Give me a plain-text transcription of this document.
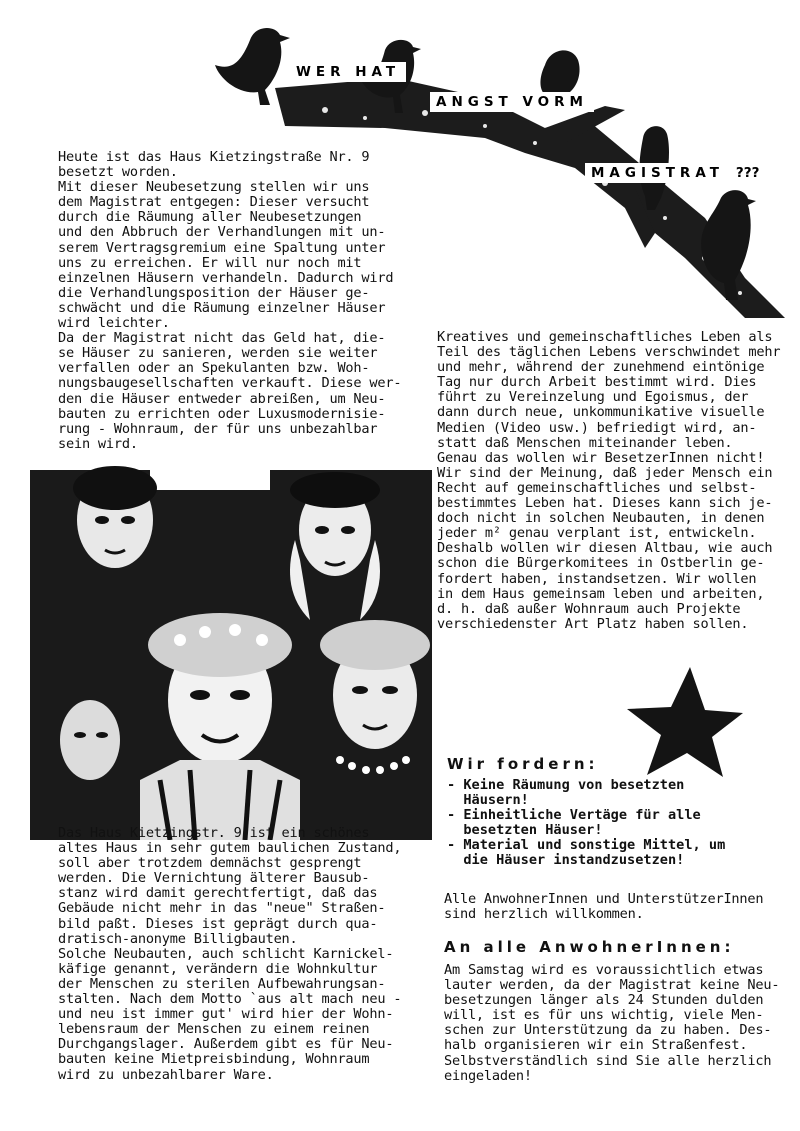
WER HAT
ANGST VORM
MAGISTRAT ???
Heute ist das Haus Kietzingstraße Nr. 9
besetzt worden.
Mit dieser Neubesetzung stellen wir uns
dem Magistrat entgegen: Dieser versucht
durch die Räumung aller Neubesetzungen
und den Abbruch der Verhandlungen mit un-
serem Vertragsgremium eine Spaltung unter
uns zu erreichen. Er will nur noch mit
einzelnen Häusern verhandeln. Dadurch wird
die Verhandlungsposition der Häuser ge-
schwächt und die Räumung einzelner Häuser
wird leichter.
Da der Magistrat nicht das Geld hat, die-
se Häuser zu sanieren, werden sie weiter
verfallen oder an Spekulanten bzw. Woh-
nungsbaugesellschaften verkauft. Diese wer-
den die Häuser entweder abreißen, um Neu-
bauten zu errichten oder Luxusmodernisie-
rung - Wohnraum, der für uns unbezahlbar
sein wird.
Kreatives und gemeinschaftliches Leben als
Teil des täglichen Lebens verschwindet mehr
und mehr, während der zunehmend eintönige
Tag nur durch Arbeit bestimmt wird. Dies
führt zu Vereinzelung und Egoismus, der
dann durch neue, unkommunikative visuelle
Medien (Video usw.) befriedigt wird, an-
statt daß Menschen miteinander leben.
Genau das wollen wir BesetzerInnen nicht!
Wir sind der Meinung, daß jeder Mensch ein
Recht auf gemeinschaftliches und selbst-
bestimmtes Leben hat. Dieses kann sich je-
doch nicht in solchen Neubauten, in denen
jeder m² genau verplant ist, entwickeln.
Deshalb wollen wir diesen Altbau, wie auch
schon die Bürgerkomitees in Ostberlin ge-
fordert haben, instandsetzen. Wir wollen
in dem Haus gemeinsam leben und arbeiten,
d. h. daß außer Wohnraum auch Projekte
verschiedenster Art Platz haben sollen.
Das Haus Kietzingstr. 9 ist ein schönes
altes Haus in sehr gutem baulichen Zustand,
soll aber trotzdem demnächst gesprengt
werden. Die Vernichtung älterer Bausub-
stanz wird damit gerechtfertigt, daß das
Gebäude nicht mehr in das "neue" Straßen-
bild paßt. Dieses ist geprägt durch qua-
dratisch-anonyme Billigbauten.
Solche Neubauten, auch schlicht Karnickel-
käfige genannt, verändern die Wohnkultur
der Menschen zu sterilen Aufbewahrungsan-
stalten. Nach dem Motto `aus alt mach neu -
und neu ist immer gut' wird hier der Wohn-
lebensraum der Menschen zu einem reinen
Durchgangslager. Außerdem gibt es für Neu-
bauten keine Mietpreisbindung, Wohnraum
wird zu unbezahlbarer Ware.
Wir fordern:
- Keine Räumung von besetzten
Häusern!
- Einheitliche Vertäge für alle
besetzten Häuser!
- Material und sonstige Mittel, um
die Häuser instandzusetzen!
Alle AnwohnerInnen und UnterstützerInnen
sind herzlich willkommen.
An alle AnwohnerInnen:
Am Samstag wird es voraussichtlich etwas
lauter werden, da der Magistrat keine Neu-
besetzungen länger als 24 Stunden dulden
will, ist es für uns wichtig, viele Men-
schen zur Unterstützung da zu haben. Des-
halb organisieren wir ein Straßenfest.
Selbstverständlich sind Sie alle herzlich
eingeladen!
